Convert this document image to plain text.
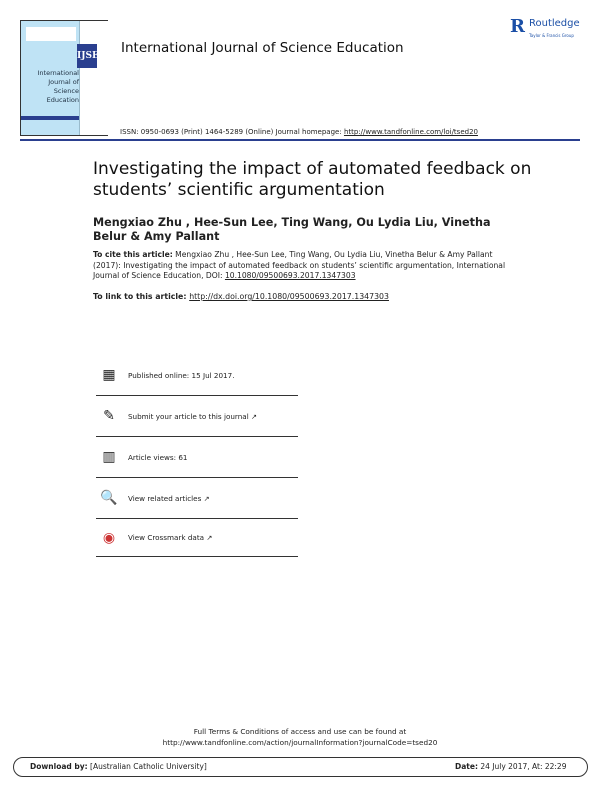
IJSE
International Journal of Science Education
International Journal of Science Education
R Routledge
Taylor & Francis Group
ISSN: 0950-0693 (Print) 1464-5289 (Online) Journal homepage: http://www.tandfonline.com/loi/tsed20
Investigating the impact of automated feedback on students’ scientific argumentation
Mengxiao Zhu , Hee-Sun Lee, Ting Wang, Ou Lydia Liu, Vinetha Belur & Amy Pallant
To cite this article: Mengxiao Zhu , Hee-Sun Lee, Ting Wang, Ou Lydia Liu, Vinetha Belur & Amy Pallant (2017): Investigating the impact of automated feedback on students’ scientific argumentation, International Journal of Science Education, DOI: 10.1080/09500693.2017.1347303
To link to this article: http://dx.doi.org/10.1080/09500693.2017.1347303
▦	Published online: 15 Jul 2017.
✎	Submit your article to this journal ↗
▥	Article views: 61
🔍 View related articles ↗
◉	View Crossmark data ↗
Full Terms & Conditions of access and use can be found at
http://www.tandfonline.com/action/journalInformation?journalCode=tsed20
Download by: [Australian Catholic University]	Date: 24 July 2017, At: 22:29
